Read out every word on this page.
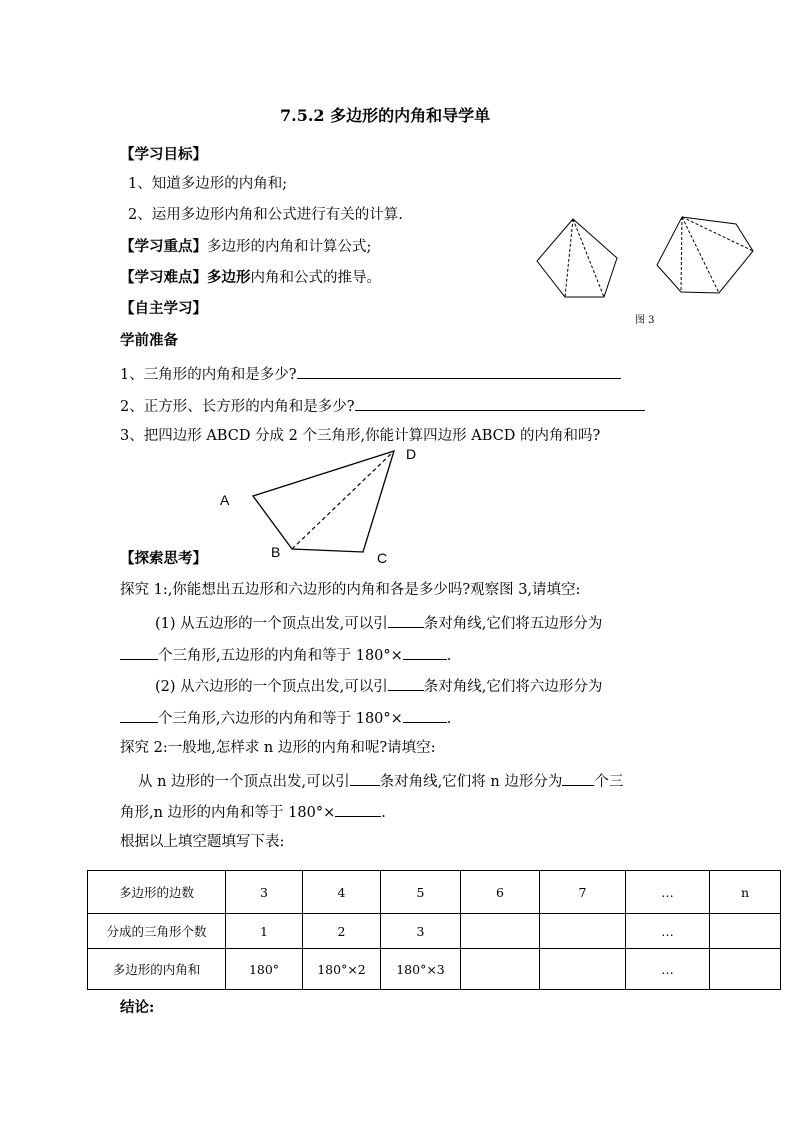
7.5.2 多边形的内角和导学单
【学习目标】
1、知道多边形的内角和;
2、运用多边形内角和公式进行有关的计算.
【学习重点】多边形的内角和计算公式;
【学习难点】多边形内角和公式的推导。
【自主学习】
学前准备
图 3
1、三角形的内角和是多少?
2、正方形、长方形的内角和是多少?
3、把四边形 ABCD 分成 2 个三角形,你能计算四边形 ABCD 的内角和吗?
A
B	C
D
【探索思考】
探究 1:,你能想出五边形和六边形的内角和各是多少吗?观察图 3,请填空:
(1) 从五边形的一个顶点出发,可以引 条对角线,它们将五边形分为
个三角形,五边形的内角和等于 180°×	.
(2) 从六边形的一个顶点出发,可以引 条对角线,它们将六边形分为
个三角形,六边形的内角和等于 180°×	.
探究 2:一般地,怎样求 n 边形的内角和呢?请填空:
从 n 边形的一个顶点出发,可以引 条对角线,它们将 n 边形分为 个三
角形,n 边形的内角和等于 180°×	.
根据以上填空题填写下表:
多边形的边数	3	4	5	6	7	…	n
分成的三角形个数	1	2	3			…	
多边形的内角和	180°	180°×2	180°×3			…	
结论:
